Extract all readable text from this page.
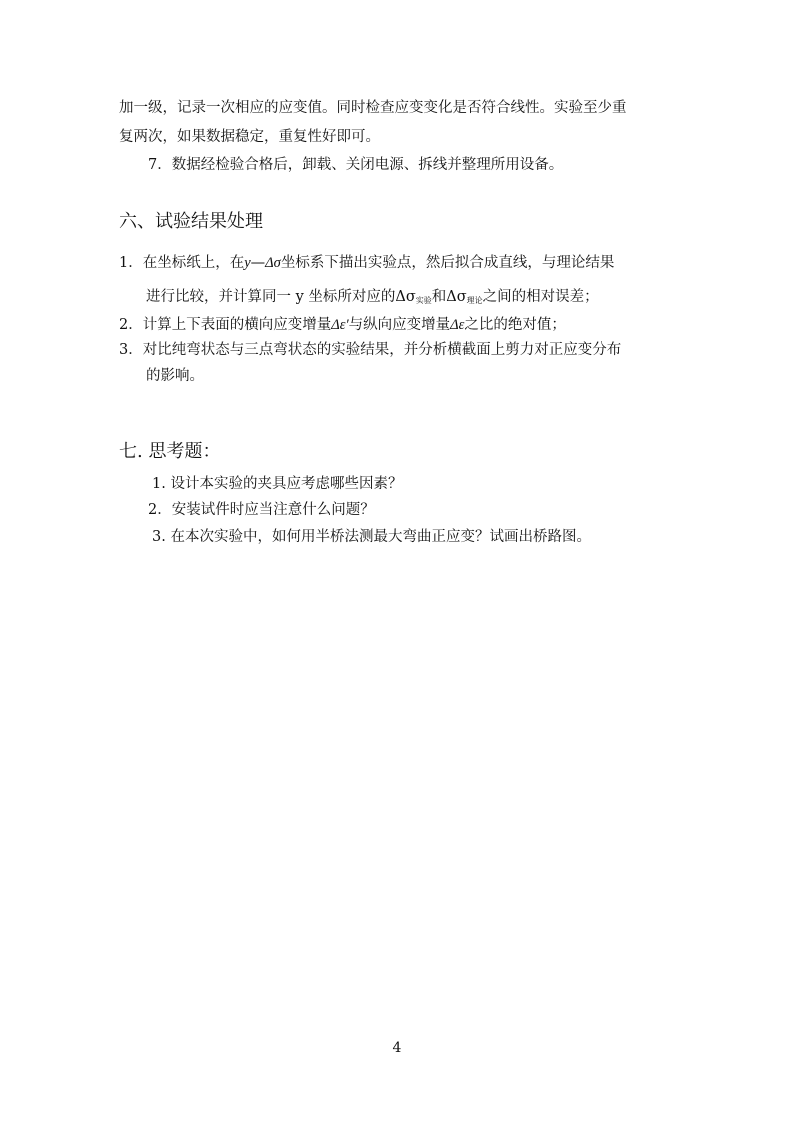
加一级，记录一次相应的应变值。同时检查应变变化是否符合线性。实验至少重
复两次，如果数据稳定，重复性好即可。
7．数据经检验合格后，卸载、关闭电源、拆线并整理所用设备。
六、试验结果处理
1．在坐标纸上，在y—Δσ坐标系下描出实验点，然后拟合成直线，与理论结果
进行比较，并计算同一 y 坐标所对应的$\Delta\sigma_{实验}$和$\Delta\sigma_{理论}$之间的相对误差；
2．计算上下表面的横向应变增量Δε′与纵向应变增量Δε之比的绝对值；
3．对比纯弯状态与三点弯状态的实验结果，并分析横截面上剪力对正应变分布
的影响。
七. 思考题：
1. 设计本实验的夹具应考虑哪些因素？
2．安装试件时应当注意什么问题？
3. 在本次实验中，如何用半桥法测最大弯曲正应变？试画出桥路图。
4
